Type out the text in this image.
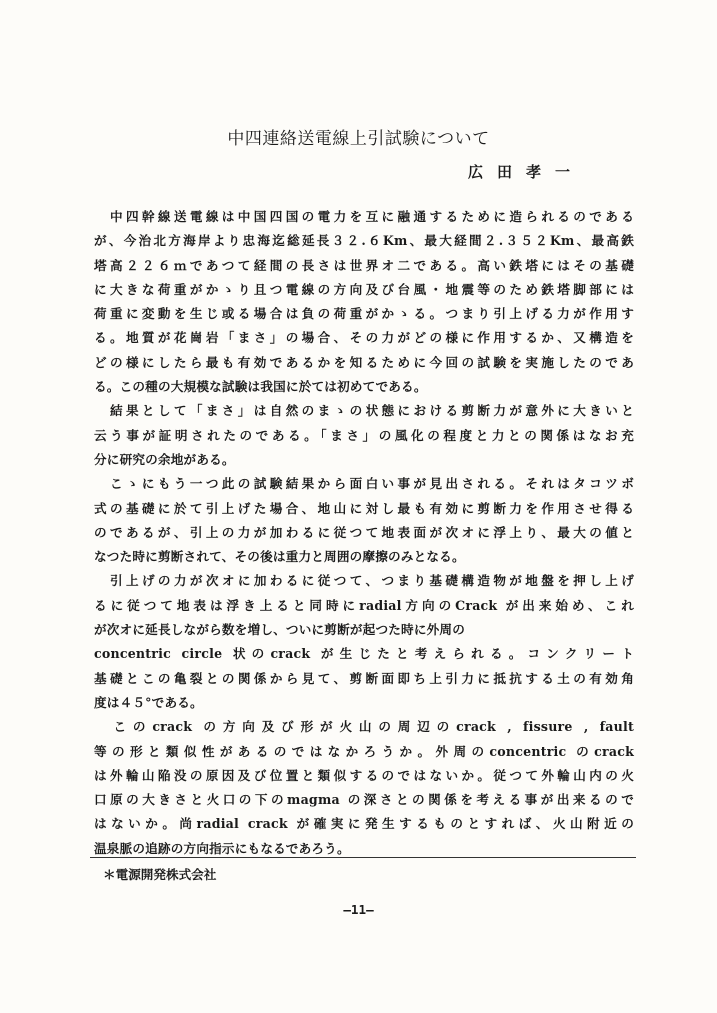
中四連絡送電線上引試験について
広田孝一
　中四幹線送電線は中国四国の電力を互に融通するために造られるのである
が、今治北方海岸より忠海迄総延長３２.６Km、最大経間２.３５２Km、最高鉄
塔高２２６ｍであつて経間の長さは世界オ二である。高い鉄塔にはその基礎
に大きな荷重がかゝり且つ電線の方向及び台風・地震等のため鉄塔脚部には
荷重に変動を生じ或る場合は負の荷重がかゝる。つまり引上げる力が作用す
る。地質が花崗岩「まさ」の場合、その力がどの様に作用するか、又構造を
どの様にしたら最も有効であるかを知るために今回の試験を実施したのであ
る。この種の大規模な試験は我国に於ては初めてである。
　結果として「まさ」は自然のまゝの状態における剪断力が意外に大きいと
云う事が証明されたのである。「まさ」の風化の程度と力との関係はなお充
分に研究の余地がある。
　こゝにもう一つ此の試験結果から面白い事が見出される。それはタコツボ
式の基礎に於て引上げた場合、地山に対し最も有効に剪断力を作用させ得る
のであるが、引上の力が加わるに従つて地表面が次オに浮上り、最大の値と
なつた時に剪断されて、その後は重力と周囲の摩擦のみとなる。
　引上げの力が次オに加わるに従つて、つまり基礎構造物が地盤を押し上げ
るに従つて地表は浮き上ると同時にradial方向のCrack が出来始め、これ
が次オに延長しながら数を増し、ついに剪断が起つた時に外周の
concentric circle 状のcrack が生じたと考えられる。コンクリート
基礎とこの亀裂との関係から見て、剪断面即ち上引力に抵抗する土の有効角
度は４５°である。
　このcrack の方向及び形が火山の周辺のcrack , fissure , fault
等の形と類似性があるのではなかろうか。外周のconcentric のcrack
は外輪山陥没の原因及び位置と類似するのではないか。従つて外輪山内の火
口原の大きさと火口の下のmagma の深さとの関係を考える事が出来るので
はないか。尚radial crack が確実に発生するものとすれば、火山附近の
温泉脈の追跡の方向指示にもなるであろう。
＊電源開発株式会社
—11—
